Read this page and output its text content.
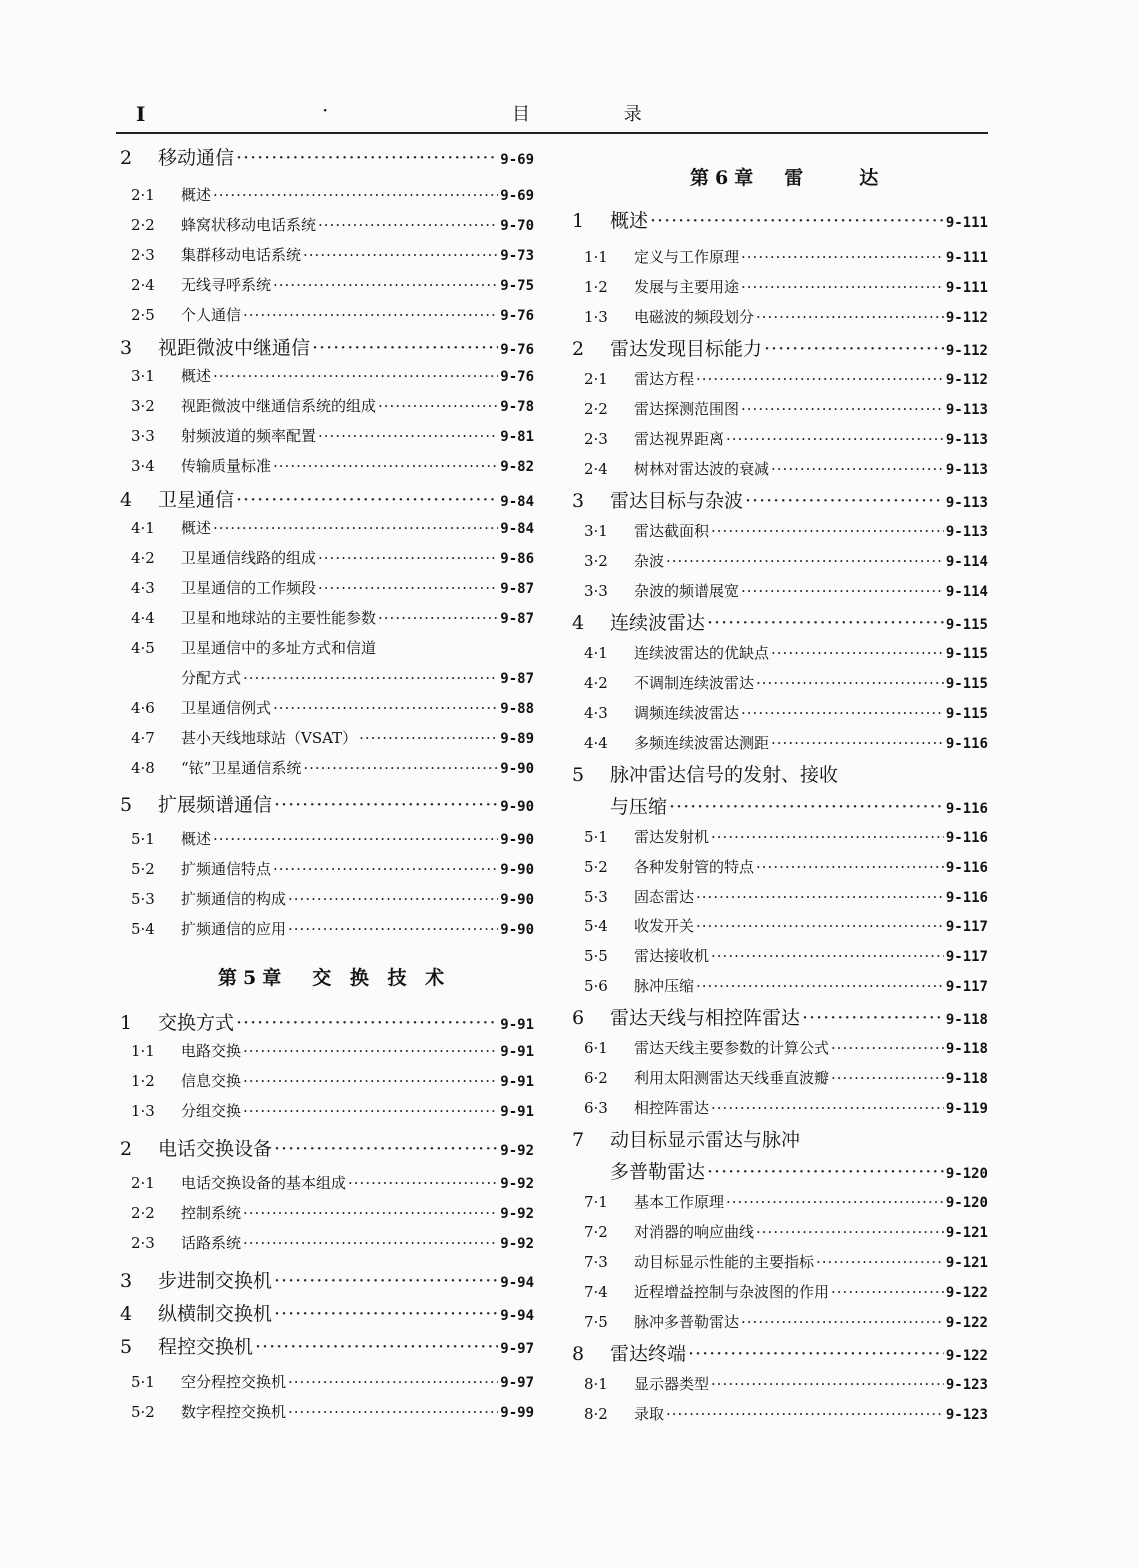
I	·	目 录
第5章　交 换 技 术
第6章　雷　　达
2	移动通信 ·····	9-69
2·1	概述 ·····	9-69
2·2	蜂窝状移动电话系统 ·····	9-70
2·3	集群移动电话系统 ·····	9-73
2·4	无线寻呼系统 ·····	9-75
2·5	个人通信 ·····	9-76
3	视距微波中继通信 ·····	9-76
3·1	概述 ·····	9-76
3·2	视距微波中继通信系统的组成 ·····	9-78
3·3	射频波道的频率配置 ·····	9-81
3·4	传输质量标准 ·····	9-82
4	卫星通信 ·····	9-84
4·1	概述 ·····	9-84
4·2	卫星通信线路的组成 ·····	9-86
4·3	卫星通信的工作频段 ·····	9-87
4·4	卫星和地球站的主要性能参数 ·····	9-87
4·5	卫星通信中的多址方式和信道
分配方式 ·····	9-87
4·6	卫星通信例式 ·····	9-88
4·7	甚小天线地球站（VSAT） ·····	9-89
4·8	“铱”卫星通信系统 ·····	9-90
5	扩展频谱通信 ·····	9-90
5·1	概述 ·····	9-90
5·2	扩频通信特点 ·····	9-90
5·3	扩频通信的构成 ·····	9-90
5·4	扩频通信的应用 ·····	9-90
1	交换方式 ·····	9-91
1·1	电路交换 ·····	9-91
1·2	信息交换 ·····	9-91
1·3	分组交换 ·····	9-91
2	电话交换设备 ·····	9-92
2·1	电话交换设备的基本组成 ·····	9-92
2·2	控制系统 ·····	9-92
2·3	话路系统 ·····	9-92
3	步进制交换机 ·····	9-94
4	纵横制交换机 ·····	9-94
5	程控交换机 ·····	9-97
5·1	空分程控交换机 ·····	9-97
5·2	数字程控交换机 ·····	9-99
1	概述 ·····	9-111
1·1	定义与工作原理 ·····	9-111
1·2	发展与主要用途 ·····	9-111
1·3	电磁波的频段划分 ·····	9-112
2	雷达发现目标能力 ·····	9-112
2·1	雷达方程 ·····	9-112
2·2	雷达探测范围图 ·····	9-113
2·3	雷达视界距离 ·····	9-113
2·4	树林对雷达波的衰减 ·····	9-113
3	雷达目标与杂波 ·····	9-113
3·1	雷达截面积 ·····	9-113
3·2	杂波 ·····	9-114
3·3	杂波的频谱展宽 ·····	9-114
4	连续波雷达 ·····	9-115
4·1	连续波雷达的优缺点 ·····	9-115
4·2	不调制连续波雷达 ·····	9-115
4·3	调频连续波雷达 ·····	9-115
4·4	多频连续波雷达测距 ·····	9-116
5	脉冲雷达信号的发射、接收
与压缩 ·····	9-116
5·1	雷达发射机 ·····	9-116
5·2	各种发射管的特点 ·····	9-116
5·3	固态雷达 ·····	9-116
5·4	收发开关 ·····	9-117
5·5	雷达接收机 ·····	9-117
5·6	脉冲压缩 ·····	9-117
6	雷达天线与相控阵雷达 ·····	9-118
6·1	雷达天线主要参数的计算公式 ·····	9-118
6·2	利用太阳测雷达天线垂直波瓣 ·····	9-118
6·3	相控阵雷达 ·····	9-119
7	动目标显示雷达与脉冲
多普勒雷达 ·····	9-120
7·1	基本工作原理 ·····	9-120
7·2	对消器的响应曲线 ·····	9-121
7·3	动目标显示性能的主要指标 ·····	9-121
7·4	近程增益控制与杂波图的作用 ·····	9-122
7·5	脉冲多普勒雷达 ·····	9-122
8	雷达终端 ·····	9-122
8·1	显示器类型 ·····	9-123
8·2	录取 ·····	9-123
